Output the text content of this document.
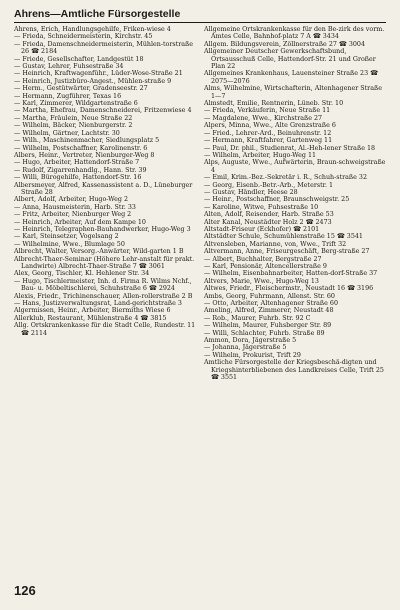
Ahrens—Amtliche Fürsorgestelle

Ahrens, Erich, Handlungsgehilfe, Friken-wiese 4

— Frieda, Schneidermeisterin, Kirchstr. 45

— Frieda, Damenschneidermeisterin, Mühlen-torstraße 26 ☎ 2184

— Friede, Gesellschafter, Landgestüt 18

— Gustav, Lehrer, Fuhsestraße 34

— Heinrich, Kraftwagenführ., Lüder-Wose-Straße 21

— Heinrich, Justizbüro-Angest., Mühlen-straße 9

— Herm., Gestütwärter, Gradenseestr. 27

— Hermann, Zugführer, Texas 16

— Karl, Zimmerer, Wildgartenstraße 6

— Martha, Ehefrau, Damenschneiderei, Fritzenwiese 4

— Martha, Fräulein, Neue Straße 22

— Wilhelm, Bäcker, Nienburgerstr. 2

— Wilhelm, Gärtner, Lachtstr. 30

— Wilh., Maschinenmacher, Siedlungsplatz 5

— Wilhelm, Postschaffner, Karolinenstr. 6

Albers, Heinr., Vertreter, Nienburger-Weg 8

— Hugo, Arbeiter, Hattendorf-Straße 7

— Rudolf, Zigarrenhandlg., Hann. Str. 39

— Willi, Bürogehilfe, Hattendorf-Str. 16

Albersmeyer, Alfred, Kassenassistent a. D., Lüneburger Straße 28

Albert, Adolf, Arbeiter, Hugo-Weg 2

— Anna, Hausmeisterin, Harb. Str. 33

— Fritz, Arbeiter, Nienburger Weg 2

— Heinrich, Arbeiter, Auf dem Kampe 10

— Heinrich, Telegraphen-Bauhandwerker, Hugo-Weg 3

— Karl, Steinsetzer, Vogelsang 2

— Wilhelmine, Wwe., Blumlage 50

Albrecht, Walter, Versorg.-Anwärter, Wild-garten 1 B

Albrecht-Thaer-Seminar (Höhere Lehr-anstalt für prakt. Landwirte) Albrecht-Thaer-Straße 7 ☎ 3061

Alex, Georg, Tischler, Kl. Hehlener Str. 34

— Hugo, Tischlermeister, Inh. d. Firma R. Wilms Nchf., Bau- u. Möbeltischlerei, Schuhstraße 6 ☎ 2924

Alexis, Friedr., Trichinenschauer, Allen-rollerstraße 2 B

— Hans, Justizverwaltungsrat, Land-gerichtstraße 3

Algermissen, Heinr., Arbeiter, Biermiths Wiese 6

Allerklub, Restaurant, Mühlenstraße 4 ☎ 3815

Allg. Ortskrankenkasse für die Stadt Celle, Rundestr. 11 ☎ 2114

Allgemeine Ortskrankenkasse für den Be-zirk des vorm. Amtes Celle, Bahnhof-platz 7 A ☎ 3434

Allgem. Bildungsverein, Zöllnerstraße 27 ☎ 3004

Allgemeiner Deutscher Gewerkschaftsbund, Ortsausschuß Celle, Hattendorf-Str. 21 und Großer Plan 22

Allgemeines Krankenhaus, Lauensteiner Straße 23 ☎ 2075—2076

Alms, Wilhelmine, Wirtschafterin, Altenhagener Straße 1—7

Almstedt, Emilie, Rentnerin, Lüneb. Str. 10

— Frieda, Verkäuferin, Neue Straße 11

— Magdalene, Wwe., Kirchstraße 27

Alpers, Minna, Wwe., Alte Grenzstraße 6

— Fried., Lehrer-Ard., Beinuhrenstr. 12

— Hermann, Kraftfahrer, Gartenweg 11

— Paul, Dr. phil., Studienrat, Al.-Heh-lener Straße 18

— Wilhelm, Arbeiter, Hugo-Weg 11

Alps, Auguste, Wwe., Aufwärterin, Braun-schweigstraße 4

— Emil, Krim.-Bez.-Sekretär i. R., Schuh-straße 32

— Georg, Eisenb.-Betr.-Arb., Meterstr. 1

— Gustav, Händler, Heese 28

— Heinr., Postschaffner, Braunschweigstr. 25

— Karoline, Witwe, Fuhsestraße 10

Alten, Adolf, Reisender, Harb. Straße 53

Alter Kanal, Neustädter Holz 2 ☎ 2473

Altstadt-Friseur (Eckhofer) ☎ 2101

Altstädter Schule, Schumühlenstraße 15 ☎ 3541

Altvensleben, Marianne, von, Wwe., Trift 32

Altvermann, Anne, Friseurgeschäft, Berg-straße 27

— Albert, Buchhalter, Bergstraße 27

— Karl, Pensionär, Altencellerstraße 9

— Wilhelm, Eisenbahnarbeiter, Hatten-dorf-Straße 37

Altvers, Marie, Wwe., Hugo-Weg 13

Altwes, Friedr., Fleischermstr., Neustadt 16 ☎ 3196

Ambs, Georg, Fuhrmann, Allenst. Str. 60

— Otto, Arbeiter, Altenhagener Straße 60

Ameling, Alfred, Zimmerer, Neustadt 48

— Rob., Maurer, Fuhrb. Str. 92 C

— Wilhelm, Maurer, Fuhsberger Str. 89

— Willi, Schlachter, Fuhrb. Straße 89

Ammon, Dora, Jägerstraße 5

— Johanna, Jägerstraße 5

— Wilhelm, Prokurist, Trift 29

Amtliche Fürsorgestelle der Kriegsbeschä-digten und Kriegshinterbliebenen des Landkreises Celle, Trift 25 ☎ 3551

126
